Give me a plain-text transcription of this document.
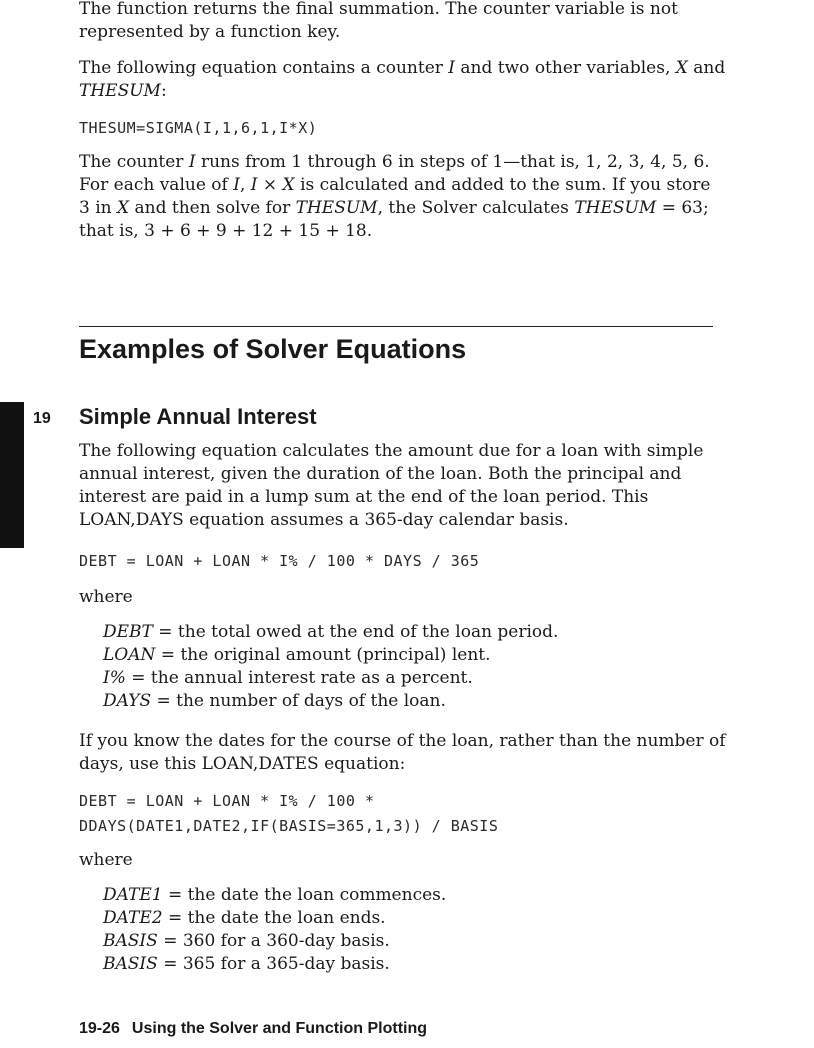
The function returns the final summation. The counter variable is not represented by a function key.

The following equation contains a counter I and two other variables, X and THESUM:

THESUM=SIGMA(I,1,6,1,I*X)

The counter I runs from 1 through 6 in steps of 1—that is, 1, 2, 3, 4, 5, 6. For each value of I, I × X is calculated and added to the sum. If you store 3 in X and then solve for THESUM, the Solver calculates THESUM = 63; that is, 3 + 6 + 9 + 12 + 15 + 18.

Examples of Solver Equations
19 Simple Annual Interest

The following equation calculates the amount due for a loan with simple annual interest, given the duration of the loan. Both the principal and interest are paid in a lump sum at the end of the loan period. This LOAN,DAYS equation assumes a 365-day calendar basis.

DEBT = LOAN + LOAN * I% / 100 * DAYS / 365

where

DEBT = the total owed at the end of the loan period.
LOAN = the original amount (principal) lent.
I% = the annual interest rate as a percent.
DAYS = the number of days of the loan.

If you know the dates for the course of the loan, rather than the number of days, use this LOAN,DATES equation:

DEBT = LOAN + LOAN * I% / 100 *

DDAYS(DATE1,DATE2,IF(BASIS=365,1,3)) / BASIS

where

DATE1 = the date the loan commences.
DATE2 = the date the loan ends.
BASIS = 360 for a 360-day basis.
BASIS = 365 for a 365-day basis.
19-26 Using the Solver and Function Plotting
